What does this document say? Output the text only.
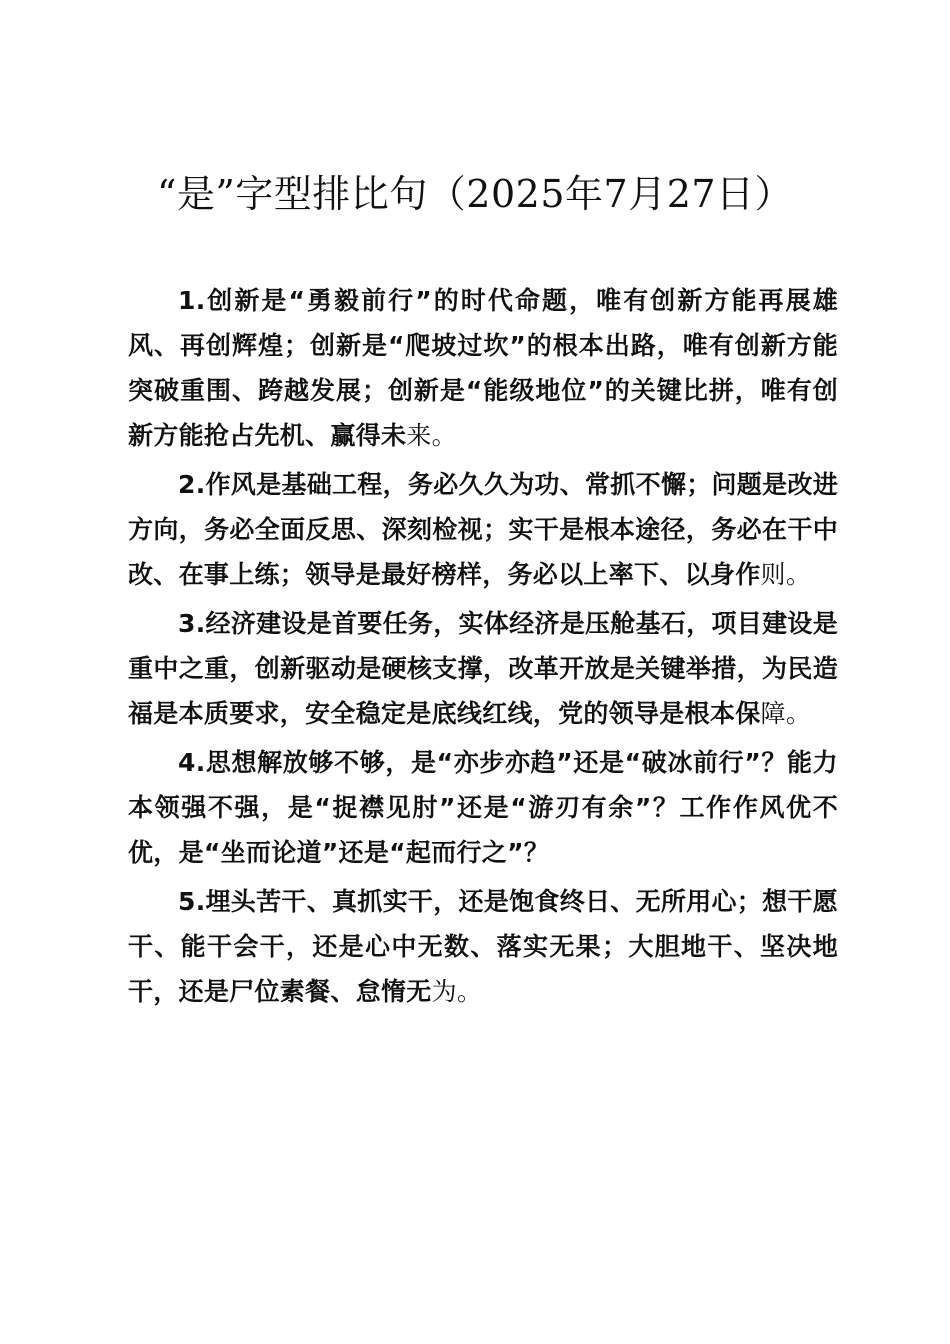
“是”字型排比句（2025年7月27日）

1.创新是“勇毅前行”的时代命题，唯有创新方能再展雄风、再创辉煌；创新是“爬坡过坎”的根本出路，唯有创新方能突破重围、跨越发展；创新是“能级地位”的关键比拼，唯有创新方能抢占先机、赢得未来。

2.作风是基础工程，务必久久为功、常抓不懈；问题是改进方向，务必全面反思、深刻检视；实干是根本途径，务必在干中改、在事上练；领导是最好榜样，务必以上率下、以身作则。

3.经济建设是首要任务，实体经济是压舱基石，项目建设是重中之重，创新驱动是硬核支撑，改革开放是关键举措，为民造福是本质要求，安全稳定是底线红线，党的领导是根本保障。

4.思想解放够不够，是“亦步亦趋”还是“破冰前行”？能力本领强不强，是“捉襟见肘”还是“游刃有余”？工作作风优不优，是“坐而论道”还是“起而行之”？

5.埋头苦干、真抓实干，还是饱食终日、无所用心；想干愿干、能干会干，还是心中无数、落实无果；大胆地干、坚决地干，还是尸位素餐、怠惰无为。
